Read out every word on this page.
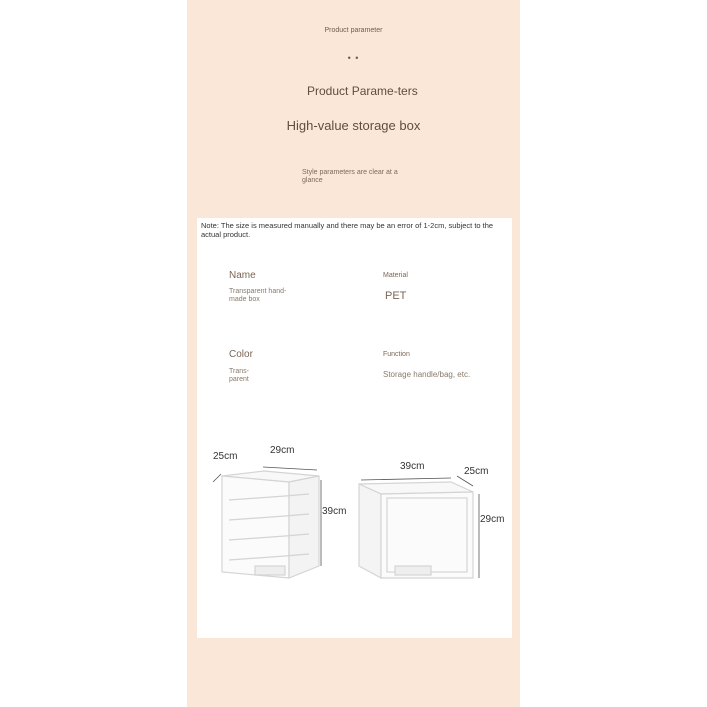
Product parameter
• •
Product Parame-ters
High-value storage box
Style parameters are clear at a glance
Note: The size is measured manually and there may be an error of 1-2cm, subject to the actual product.
Name
Transparent hand-made box
Material
PET
Color
Trans-parent
Function
Storage handle/bag, etc.
25cm
29cm
39cm
39cm	25cm
29cm
